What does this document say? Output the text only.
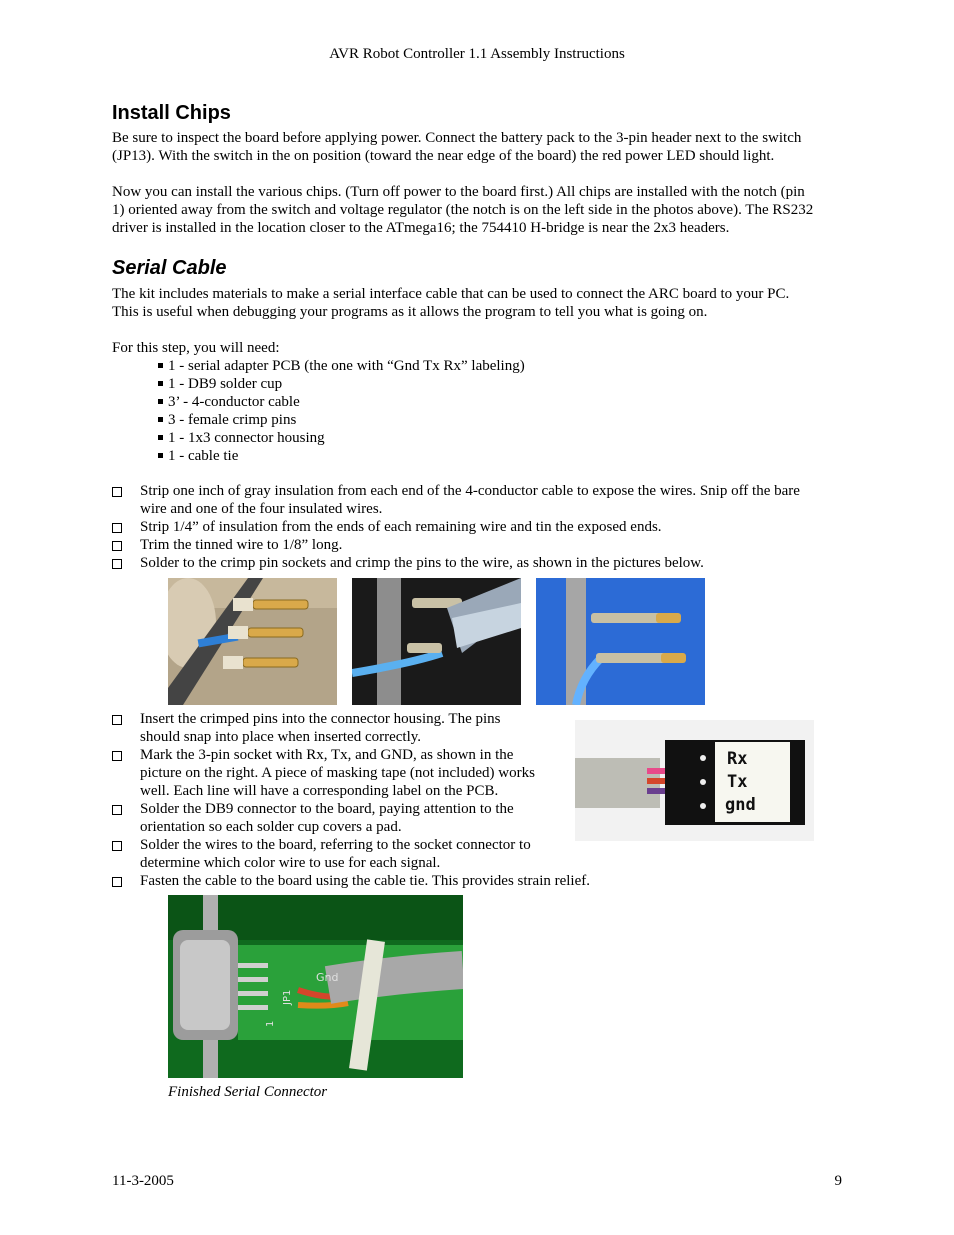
AVR Robot Controller 1.1 Assembly Instructions
Install Chips
Be sure to inspect the board before applying power. Connect the battery pack to the 3-pin header next to the switch
(JP13). With the switch in the on position (toward the near edge of the board) the red power LED should light.
Now you can install the various chips. (Turn off power to the board first.) All chips are installed with the notch (pin
1) oriented away from the switch and voltage regulator (the notch is on the left side in the photos above). The RS232
driver is installed in the location closer to the ATmega16; the 754410 H-bridge is near the 2x3 headers.
Serial Cable
The kit includes materials to make a serial interface cable that can be used to connect the ARC board to your PC.
This is useful when debugging your programs as it allows the program to tell you what is going on.
For this step, you will need:
1 - serial adapter PCB (the one with “Gnd Tx Rx” labeling)
1 - DB9 solder cup
3’ - 4-conductor cable
3 - female crimp pins
1 - 1x3 connector housing
1 - cable tie
Strip one inch of gray insulation from each end of the 4-conductor cable to expose the wires. Snip off the bare
wire and one of the four insulated wires.
Strip 1/4” of insulation from the ends of each remaining wire and tin the exposed ends.
Trim the tinned wire to 1/8” long.
Solder to the crimp pin sockets and crimp the pins to the wire, as shown in the pictures below.
Insert the crimped pins into the connector housing. The pins
should snap into place when inserted correctly.
Mark the 3-pin socket with Rx, Tx, and GND, as shown in the
picture on the right. A piece of masking tape (not included) works
well. Each line will have a corresponding label on the PCB.
Solder the DB9 connector to the board, paying attention to the
orientation so each solder cup covers a pad.
Solder the wires to the board, referring to the socket connector to
determine which color wire to use for each signal.
Fasten the cable to the board using the cable tie. This provides strain relief.
Rx
Tx
gnd
Gnd
JP1
1
Finished Serial Connector
11-3-2005	9
